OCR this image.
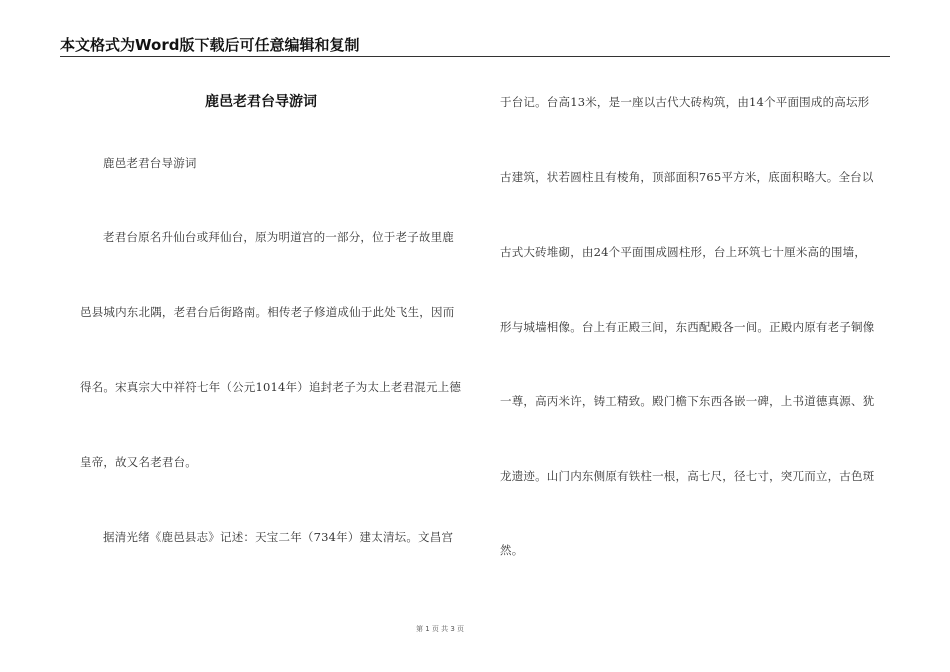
本文格式为Word版下载后可任意编辑和复制
鹿邑老君台导游词
鹿邑老君台导游词
老君台原名升仙台或拜仙台，原为明道宫的一部分，位于老子故里鹿
邑县城内东北隅，老君台后街路南。相传老子修道成仙于此处飞生，因而
得名。宋真宗大中祥符七年（公元1014年）追封老子为太上老君混元上德
皇帝，故又名老君台。
据清光绪《鹿邑县志》记述：天宝二年（734年）建太清坛。文昌宫
于台记。台高13米，是一座以古代大砖构筑，由14个平面围成的高坛形
古建筑，状若圆柱且有棱角，顶部面积765平方米，底面积略大。全台以
古式大砖堆砌，由24个平面围成圆柱形，台上环筑七十厘米高的围墙，
形与城墙相像。台上有正殿三间，东西配殿各一间。正殿内原有老子铜像
一尊，高丙米许，铸工精致。殿门檐下东西各嵌一碑，上书道德真源、犹
龙遗迹。山门内东侧原有铁柱一根，高七尺，径七寸，突兀而立，古色斑
然。
第 1 页 共 3 页
